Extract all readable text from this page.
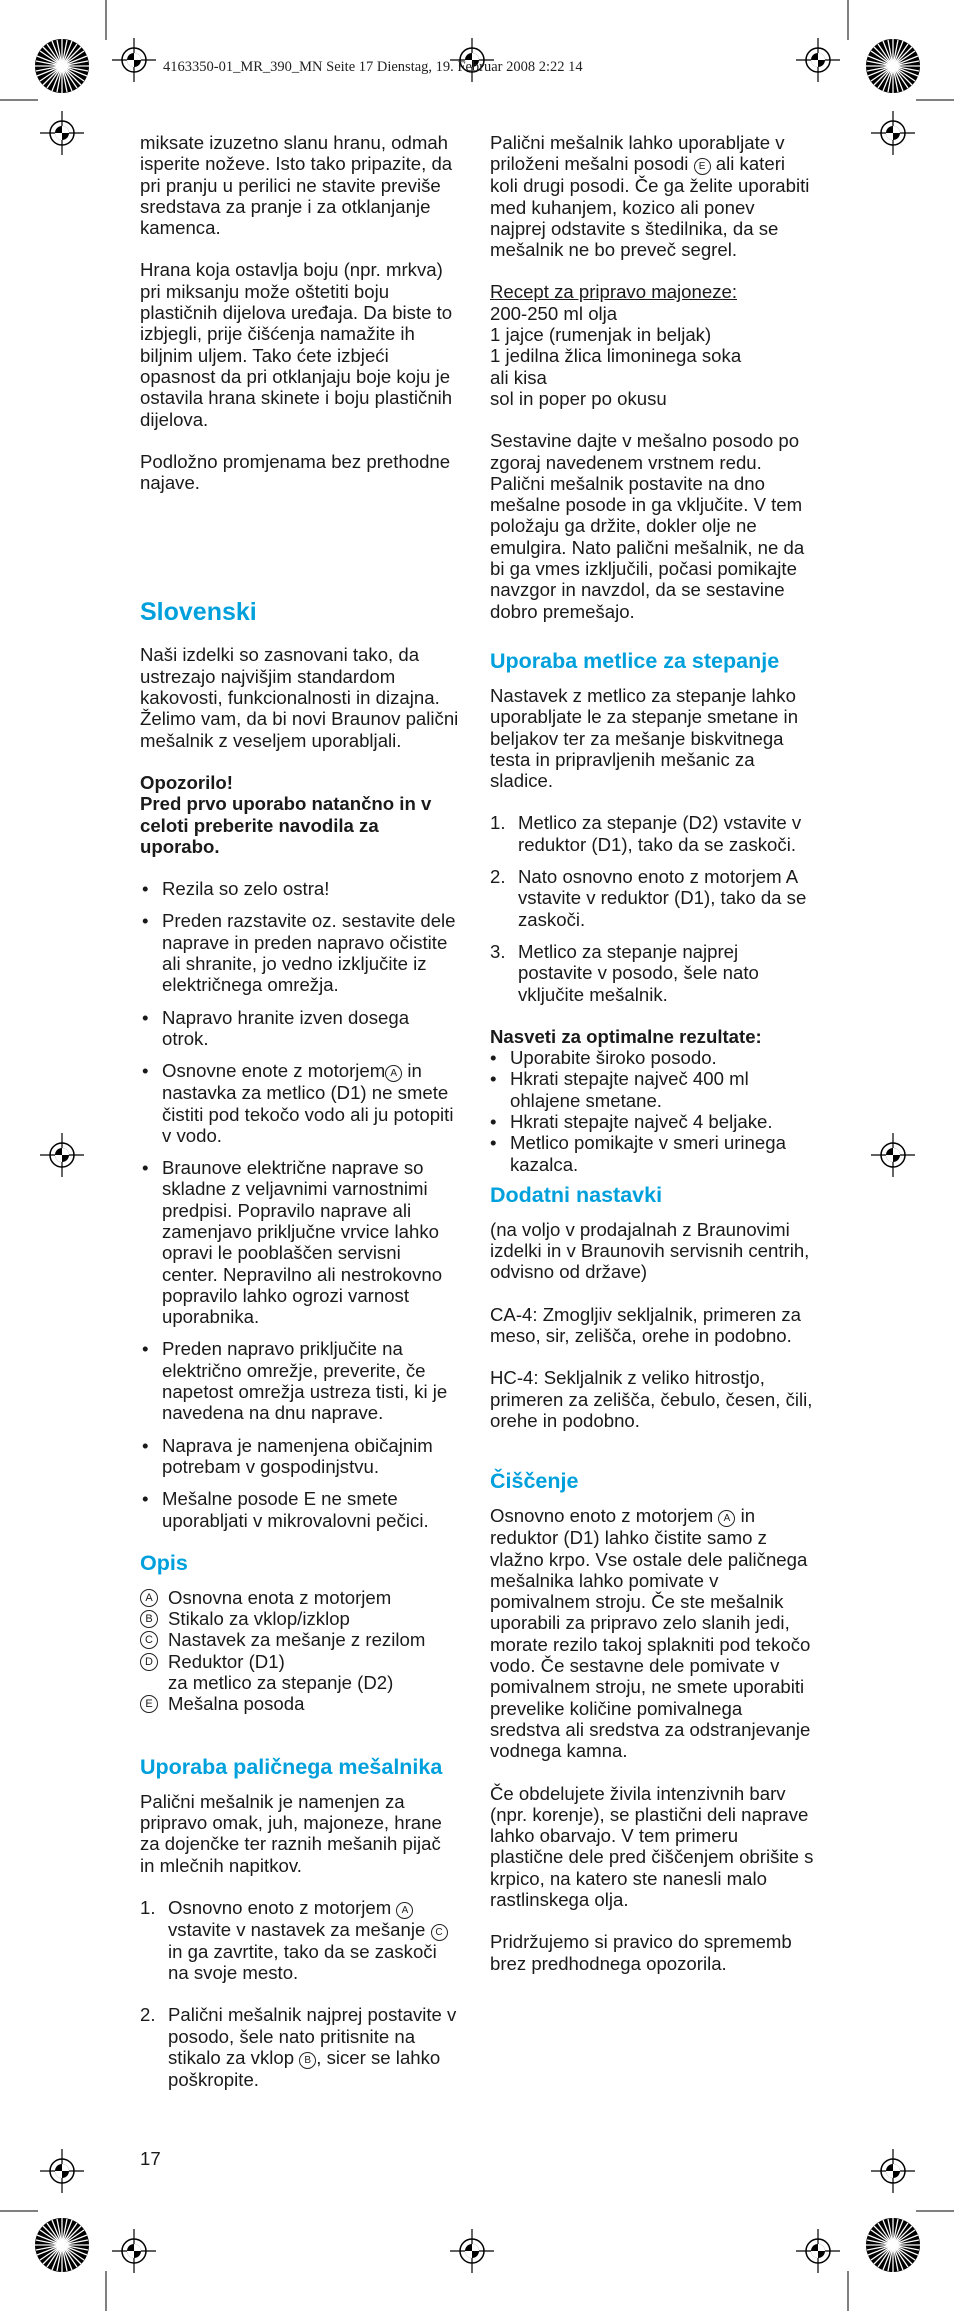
4163350-01_MR_390_MN Seite 17 Dienstag, 19. Februar 2008 2:22 14

miksate izuzetno slanu hranu, odmah isperite noževe. Isto tako pripazite, da pri pranju u perilici ne stavite previše sredstava za pranje i za otklanjanje kamenca.

Hrana koja ostavlja boju (npr. mrkva) pri miksanju može oštetiti boju plastičnih dijelova uređaja. Da biste to izbjegli, prije čišćenja namažite ih biljnim uljem. Tako ćete izbjeći opasnost da pri otklanjaju boje koju je ostavila hrana skinete i boju plastičnih dijelova.

Podložno promjenama bez prethodne najave.

Slovenski

Naši izdelki so zasnovani tako, da ustrezajo najvišjim standardom kakovosti, funkcionalnosti in dizajna. Želimo vam, da bi novi Braunov palični mešalnik z veseljem uporabljali.

Opozorilo!

Pred prvo uporabo natančno in v celoti preberite navodila za uporabo.

• Rezila so zelo ostra!
• Preden razstavite oz. sestavite dele naprave in preden napravo očistite ali shranite, jo vedno izključite iz električnega omrežja.
• Napravo hranite izven dosega otrok.
• Osnovne enote z motorjem A in nastavka za metlico (D1) ne smete čistiti pod tekočo vodo ali ju potopiti v vodo.
• Braunove električne naprave so skladne z veljavnimi varnostnimi predpisi. Popravilo naprave ali zamenjavo priključne vrvice lahko opravi le pooblaščen servisni center. Nepravilno ali nestrokovno popravilo lahko ogrozi varnost uporabnika.
• Preden napravo priključite na električno omrežje, preverite, če napetost omrežja ustreza tisti, ki je navedena na dnu naprave.
• Naprava je namenjena običajnim potrebam v gospodinjstvu.
• Mešalne posode E ne smete uporabljati v mikrovalovni pečici.
Opis
A Osnovna enota z motorjem
B Stikalo za vklop/izklop
C Nastavek za mešanje z rezilom
D Reduktor (D1)
za metlico za stepanje (D2)
E Mešalna posoda
Uporaba paličnega mešalnika

Palični mešalnik je namenjen za pripravo omak, juh, majoneze, hrane za dojenčke ter raznih mešanih pijač in mlečnih napitkov.

1. Osnovno enoto z motorjem A vstavite v nastavek za mešanje C in ga zavrtite, tako da se zaskoči na svoje mesto.
2. Palični mešalnik najprej postavite v posodo, šele nato pritisnite na stikalo za vklop B , sicer se lahko poškropite.
17

Palični mešalnik lahko uporabljate v priloženi mešalni posodi E ali kateri koli drugi posodi. Če ga želite uporabiti med kuhanjem, kozico ali ponev najprej odstavite s štedilnika, da se mešalnik ne bo preveč segrel.

Recept za pripravo majoneze:

200-250 ml olja

1 jajce (rumenjak in beljak)

1 jedilna žlica limoninega soka

ali kisa

sol in poper po okusu

Sestavine dajte v mešalno posodo po zgoraj navedenem vrstnem redu. Palični mešalnik postavite na dno mešalne posode in ga vključite. V tem položaju ga držite, dokler olje ne emulgira. Nato palični mešalnik, ne da bi ga vmes izključili, počasi pomikajte navzgor in navzdol, da se sestavine dobro premešajo.

Uporaba metlice za stepanje

Nastavek z metlico za stepanje lahko uporabljate le za stepanje smetane in beljakov ter za mešanje biskvitnega testa in pripravljenih mešanic za sladice.

1. Metlico za stepanje (D2) vstavite v reduktor (D1), tako da se zaskoči.
2. Nato osnovno enoto z motorjem A vstavite v reduktor (D1), tako da se zaskoči.
3. Metlico za stepanje najprej postavite v posodo, šele nato vključite mešalnik.

Nasveti za optimalne rezultate:

• Uporabite široko posodo.
• Hkrati stepajte največ 400 ml ohlajene smetane.
• Hkrati stepajte največ 4 beljake.
• Metlico pomikajte v smeri urinega kazalca.
Dodatni nastavki

(na voljo v prodajalnah z Braunovimi izdelki in v Braunovih servisnih centrih, odvisno od države)

CA-4: Zmogljiv sekljalnik, primeren za meso, sir, zelišča, orehe in podobno.

HC-4: Sekljalnik z veliko hitrostjo, primeren za zelišča, čebulo, česen, čili, orehe in podobno.

Čiščenje

Osnovno enoto z motorjem A in reduktor (D1) lahko čistite samo z vlažno krpo. Vse ostale dele paličnega mešalnika lahko pomivate v pomivalnem stroju. Če ste mešalnik uporabili za pripravo zelo slanih jedi, morate rezilo takoj splakniti pod tekočo vodo. Če sestavne dele pomivate v pomivalnem stroju, ne smete uporabiti prevelike količine pomivalnega sredstva ali sredstva za odstranjevanje vodnega kamna.

Če obdelujete živila intenzivnih barv (npr. korenje), se plastični deli naprave lahko obarvajo. V tem primeru plastične dele pred čiščenjem obrišite s krpico, na katero ste nanesli malo rastlinskega olja.

Pridržujemo si pravico do sprememb brez predhodnega opozorila.
